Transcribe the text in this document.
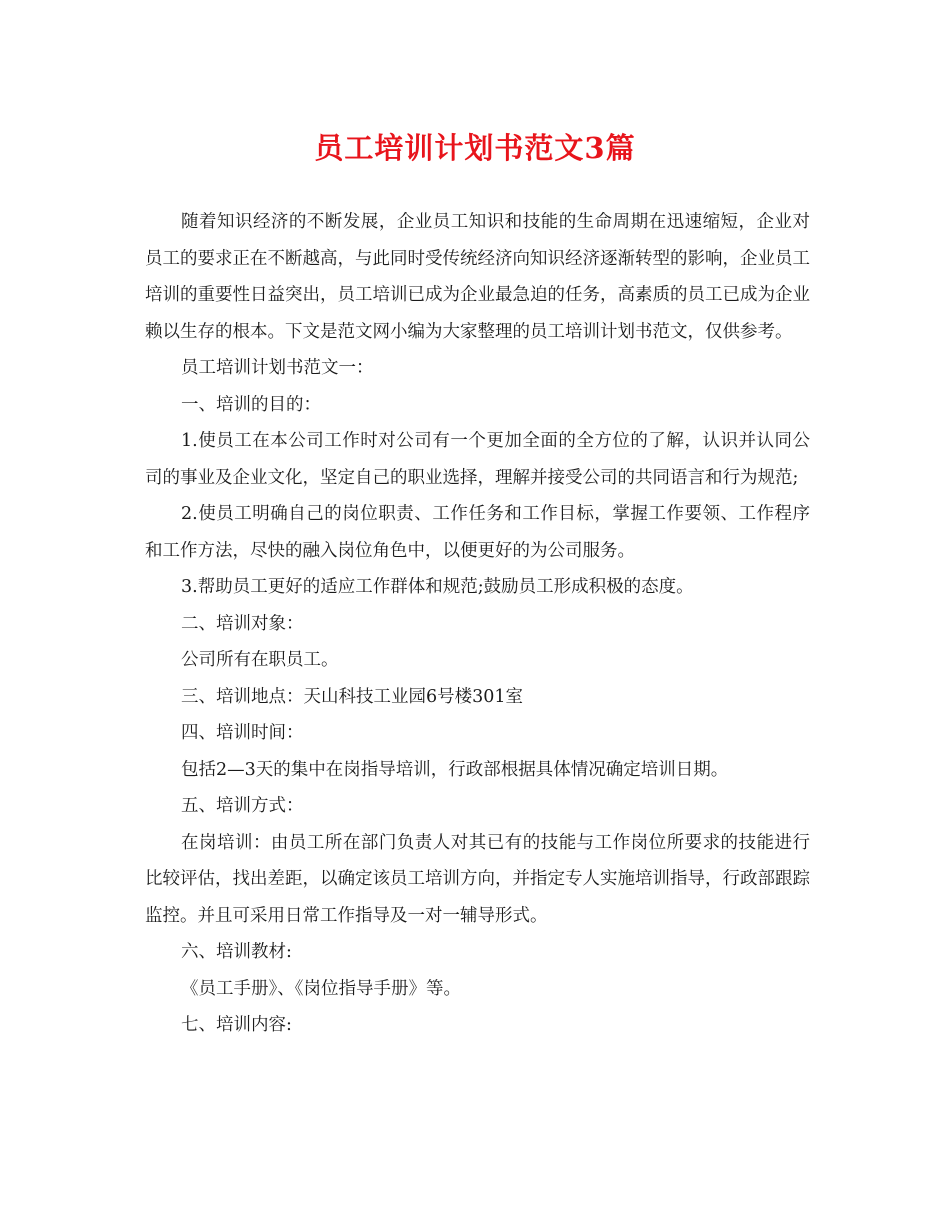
员工培训计划书范文3篇

随着知识经济的不断发展，企业员工知识和技能的生命周期在迅速缩短，企业对员工的要求正在不断越高，与此同时受传统经济向知识经济逐渐转型的影响，企业员工培训的重要性日益突出，员工培训已成为企业最急迫的任务，高素质的员工已成为企业赖以生存的根本。下文是范文网小编为大家整理的员工培训计划书范文，仅供参考。

员工培训计划书范文一：

一、培训的目的：

1.使员工在本公司工作时对公司有一个更加全面的全方位的了解，认识并认同公司的事业及企业文化，坚定自己的职业选择，理解并接受公司的共同语言和行为规范;

2.使员工明确自己的岗位职责、工作任务和工作目标，掌握工作要领、工作程序和工作方法，尽快的融入岗位角色中，以便更好的为公司服务。

3.帮助员工更好的适应工作群体和规范;鼓励员工形成积极的态度。

二、培训对象：

公司所有在职员工。

三、培训地点：天山科技工业园6号楼301室

四、培训时间：

包括2—3天的集中在岗指导培训，行政部根据具体情况确定培训日期。

五、培训方式：

在岗培训：由员工所在部门负责人对其已有的技能与工作岗位所要求的技能进行比较评估，找出差距，以确定该员工培训方向，并指定专人实施培训指导，行政部跟踪监控。并且可采用日常工作指导及一对一辅导形式。

六、培训教材:

《员工手册》、《岗位指导手册》等。

七、培训内容:
